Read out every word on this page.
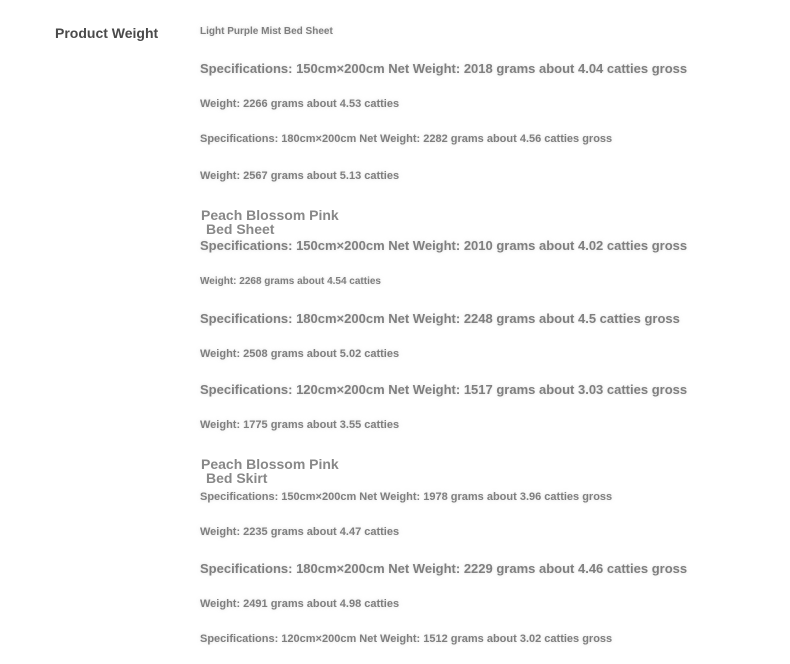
Product Weight	Light Purple Mist Bed Sheet
Specifications: 150cm×200cm Net Weight: 2018 grams about 4.04 catties gross
Weight: 2266 grams about 4.53 catties
Specifications: 180cm×200cm Net Weight: 2282 grams about 4.56 catties gross
Weight: 2567 grams about 5.13 catties
Peach Blossom Pink
Bed Sheet
Specifications: 150cm×200cm Net Weight: 2010 grams about 4.02 catties gross
Weight: 2268 grams about 4.54 catties
Specifications: 180cm×200cm Net Weight: 2248 grams about 4.5 catties gross
Weight: 2508 grams about 5.02 catties
Specifications: 120cm×200cm Net Weight: 1517 grams about 3.03 catties gross
Weight: 1775 grams about 3.55 catties
Peach Blossom Pink
Bed Skirt
Specifications: 150cm×200cm Net Weight: 1978 grams about 3.96 catties gross
Weight: 2235 grams about 4.47 catties
Specifications: 180cm×200cm Net Weight: 2229 grams about 4.46 catties gross
Weight: 2491 grams about 4.98 catties
Specifications: 120cm×200cm Net Weight: 1512 grams about 3.02 catties gross
